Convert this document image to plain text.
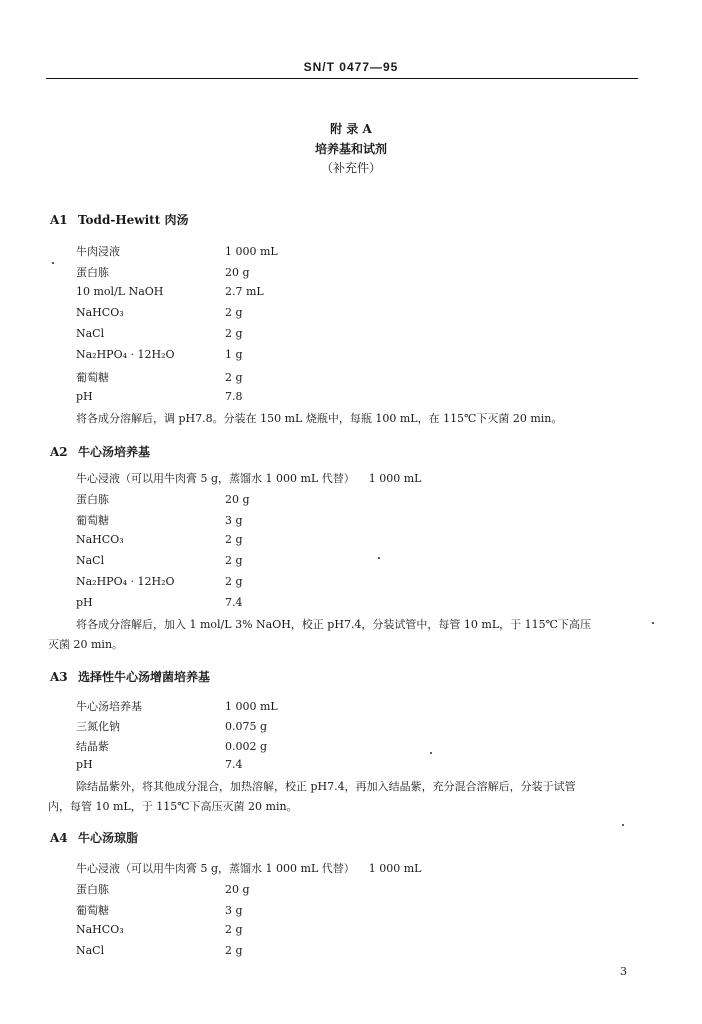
SN/T 0477—95
附 录 A
培养基和试剂
（补充件）
A1 Todd-Hewitt 肉汤
牛肉浸液	1 000 mL
蛋白胨	20 g
10 mol/L NaOH	2.7 mL
NaHCO₃	2 g
NaCl	2 g
Na₂HPO₄ · 12H₂O	1 g
葡萄糖	2 g
pH	7.8
将各成分溶解后，调 pH7.8。分装在 150 mL 烧瓶中，每瓶 100 mL，在 115℃下灭菌 20 min。
A2 牛心汤培养基
牛心浸液（可以用牛肉膏 5 g，蒸馏水 1 000 mL 代替） 1 000 mL
蛋白胨	20 g
葡萄糖	3 g
NaHCO₃	2 g
NaCl	2 g
Na₂HPO₄ · 12H₂O	2 g
pH	7.4
将各成分溶解后，加入 1 mol/L 3% NaOH，校正 pH7.4，分装试管中，每管 10 mL，于 115℃下高压
灭菌 20 min。
A3 选择性牛心汤增菌培养基
牛心汤培养基	1 000 mL
三氮化钠	0.075 g
结晶紫	0.002 g
pH	7.4
除结晶紫外，将其他成分混合，加热溶解，校正 pH7.4，再加入结晶紫，充分混合溶解后，分装于试管
内，每管 10 mL，于 115℃下高压灭菌 20 min。
A4 牛心汤琼脂
牛心浸液（可以用牛肉膏 5 g，蒸馏水 1 000 mL 代替） 1 000 mL
蛋白胨	20 g
葡萄糖	3 g
NaHCO₃	2 g
NaCl	2 g
3
